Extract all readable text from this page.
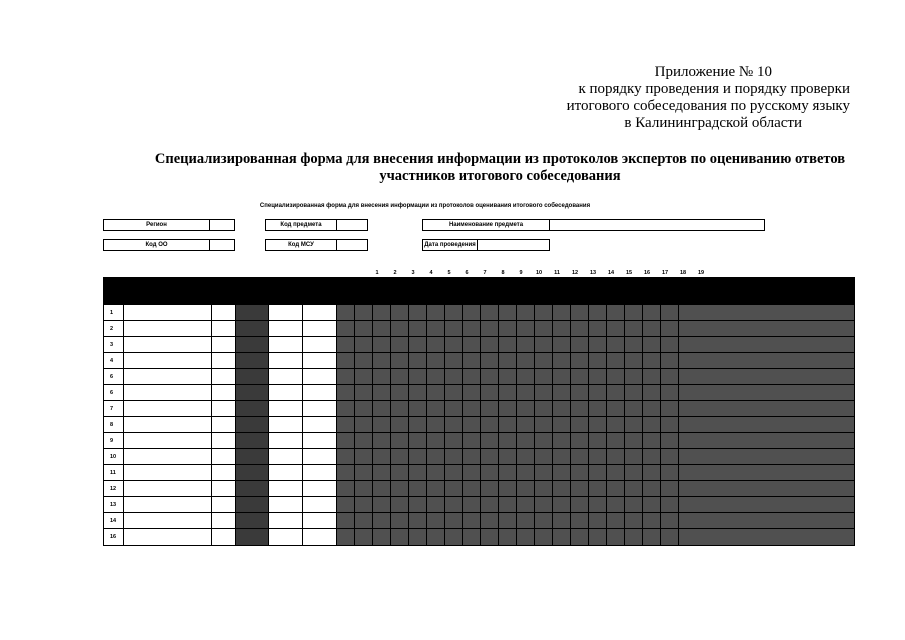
Приложение № 10
к порядку проведения и порядку проверки
итогового собеседования по русскому языку
в Калининградской области
Специализированная форма для внесения информации из протоколов экспертов по оцениванию ответов
участников итогового собеседования
Специализированная форма для внесения информации из протоколов оценивания итогового собеседования
Регион	Код предмета	Наименование предмета
Код ОО	Код МСУ	Дата проведения
1	2	3	4	5	6	7	8	9	10	11	12	13	14	15	16	17	18	19
1
2
3
4
6
6
7
8
9
10
11
12
13
14
16
